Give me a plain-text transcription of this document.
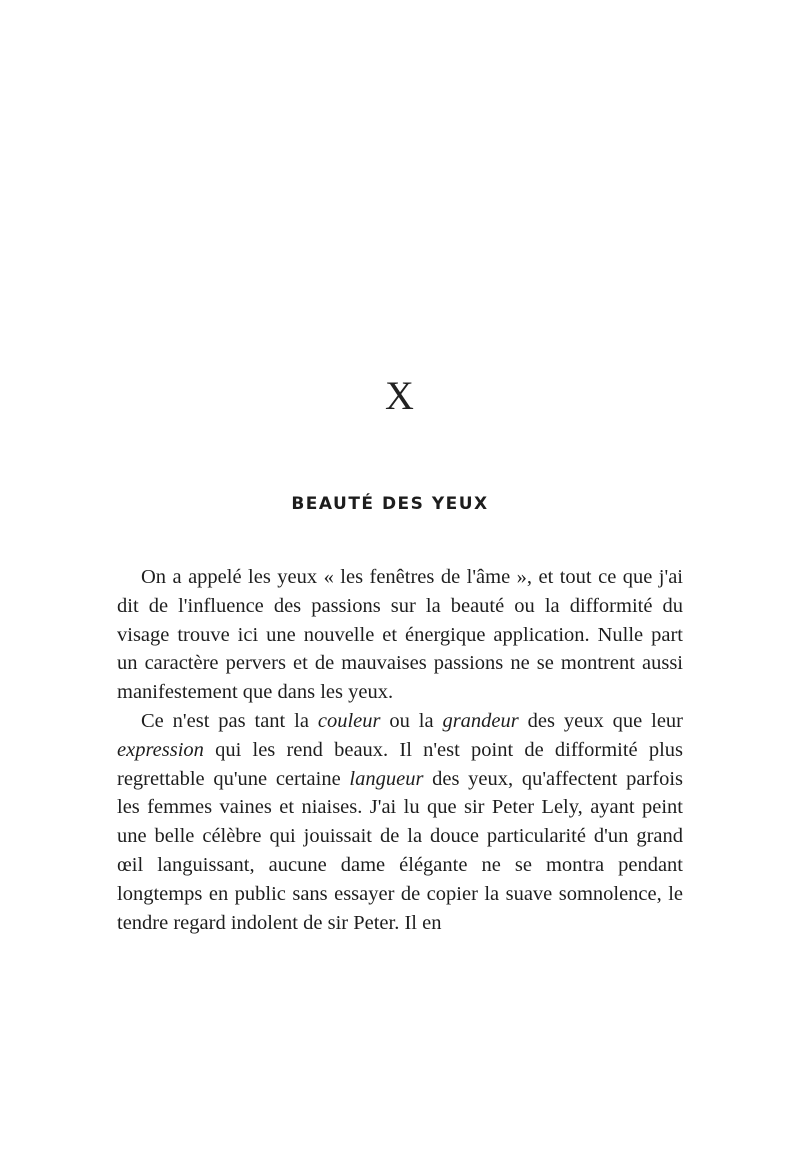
X
BEAUTÉ DES YEUX

On a appelé les yeux « les fenêtres de l'âme », et tout ce que j'ai dit de l'influence des passions sur la beauté ou la difformité du visage trouve ici une nouvelle et énergique application. Nulle part un caractère pervers et de mauvaises passions ne se montrent aussi manifestement que dans les yeux.

Ce n'est pas tant la couleur ou la grandeur des yeux que leur expression qui les rend beaux. Il n'est point de difformité plus regrettable qu'une certaine langueur des yeux, qu'affectent parfois les femmes vaines et niaises. J'ai lu que sir Peter Lely, ayant peint une belle célèbre qui jouissait de la douce particularité d'un grand œil languissant, aucune dame élégante ne se montra pendant longtemps en public sans essayer de copier la suave somnolence, le tendre regard indolent de sir Peter. Il en
